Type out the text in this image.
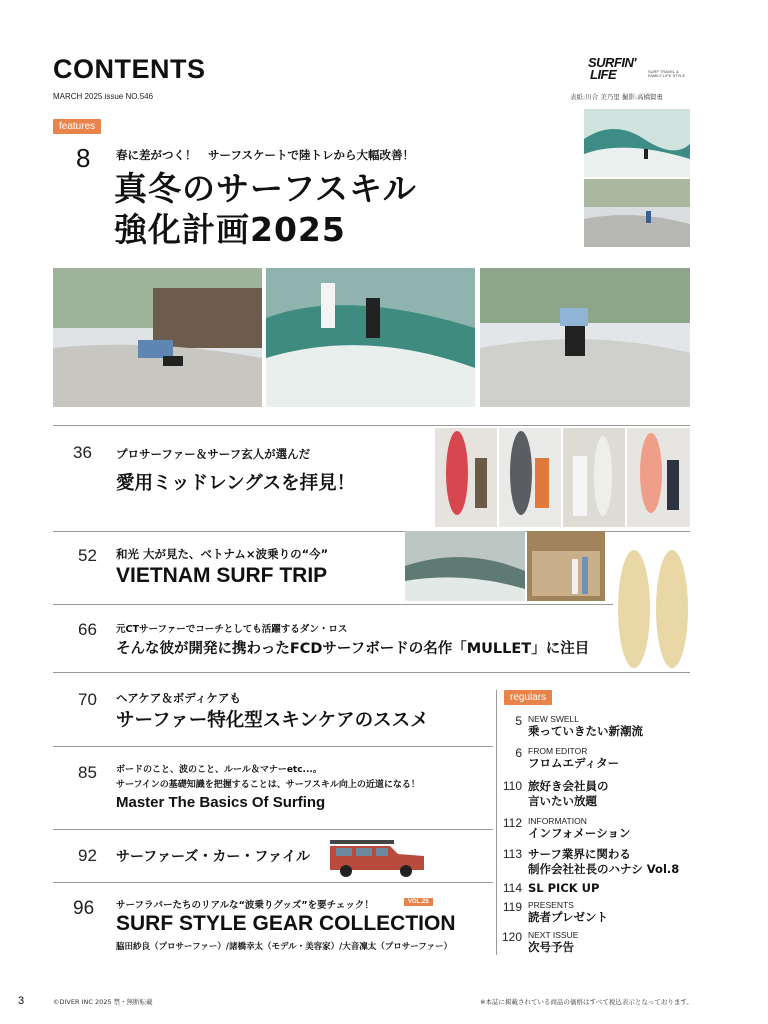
CONTENTS
MARCH 2025 issue NO.546
SURFIN'
LIFE	SURF TRAVEL & FAMILY LIFE STYLE
表紙:川合 美乃里 撮影:高橋賢勇
features
8 春に差がつく！　サーフスケートで陸トレから大幅改善！
真冬のサーフスキル
強化計画2025
36 プロサーファー＆サーフ玄人が選んだ
愛用ミッドレングスを拝見！
52 和光 大が見た、ベトナム×波乗りの“今”
VIETNAM SURF TRIP
66 元CTサーファーでコーチとしても活躍するダン・ロス
そんな彼が開発に携わったFCDサーフボードの名作「MULLET」に注目
70 ヘアケア＆ボディケアも
サーファー特化型スキンケアのススメ
85 ボードのこと、波のこと、ルール＆マナーetc...。
サーフインの基礎知識を把握することは、サーフスキル向上の近道になる！
Master The Basics Of Surfing
92 サーファーズ・カー・ファイル
96 サーフラバーたちのリアルな“波乗りグッズ”を要チェック！	VOL.25
SURF STYLE GEAR COLLECTION
脇田紗良（プロサーファー）/諸橋幸太（モデル・美容家）/大音凜太（プロサーファー）
regulars
5 NEW SWELL
乗っていきたい新潮流
6 FROM EDITOR
フロムエディター
110 旅好き会社員の
言いたい放題
112 INFORMATION
インフォメーション
113 サーフ業界に関わる
制作会社社長のハナシ Vol.8
114 SL PICK UP
119 PRESENTS
読者プレゼント
120 NEXT ISSUE
次号予告
3	©DIVER INC 2025 禁・無断転載	※本誌に掲載されている商品の価格はすべて税込表示となっております。
